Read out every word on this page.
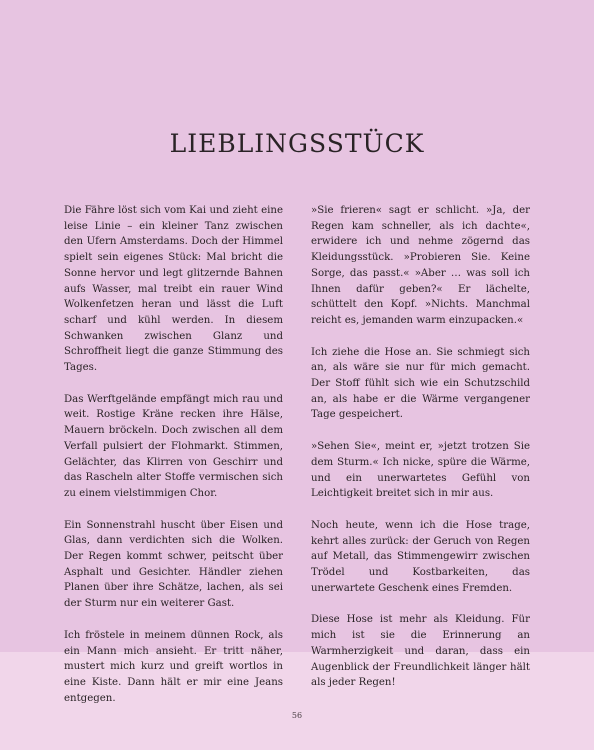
LIEBLINGSSTÜCK

Die Fähre löst sich vom Kai und zieht eine leise Linie – ein kleiner Tanz zwischen den Ufern Amsterdams. Doch der Himmel spielt sein eigenes Stück: Mal bricht die Sonne hervor und legt glitzernde Bahnen aufs Wasser, mal treibt ein rauer Wind Wolkenfetzen heran und lässt die Luft scharf und kühl werden. In diesem Schwanken zwischen Glanz und Schroffheit liegt die ganze Stimmung des Tages.

Das Werftgelände empfängt mich rau und weit. Rostige Kräne recken ihre Hälse, Mauern bröckeln. Doch zwischen all dem Verfall pulsiert der Flohmarkt. Stimmen, Gelächter, das Klirren von Geschirr und das Rascheln alter Stoffe vermischen sich zu einem vielstimmigen Chor.

Ein Sonnenstrahl huscht über Eisen und Glas, dann verdichten sich die Wolken. Der Regen kommt schwer, peitscht über Asphalt und Gesichter. Händler ziehen Planen über ihre Schätze, lachen, als sei der Sturm nur ein weiterer Gast.

Ich fröstele in meinem dünnen Rock, als ein Mann mich ansieht. Er tritt näher, mustert mich kurz und greift wortlos in eine Kiste. Dann hält er mir eine Jeans entgegen.

»Sie frieren« sagt er schlicht. »Ja, der Regen kam schneller, als ich dachte«, erwidere ich und nehme zögernd das Kleidungsstück. »Probieren Sie. Keine Sorge, das passt.« »Aber … was soll ich Ihnen dafür geben?« Er lächelte, schüttelt den Kopf. »Nichts. Manchmal reicht es, jemanden warm einzupacken.«

Ich ziehe die Hose an. Sie schmiegt sich an, als wäre sie nur für mich gemacht. Der Stoff fühlt sich wie ein Schutzschild an, als habe er die Wärme vergangener Tage gespeichert.

»Sehen Sie«, meint er, »jetzt trotzen Sie dem Sturm.« Ich nicke, spüre die Wärme, und ein unerwartetes Gefühl von Leichtigkeit breitet sich in mir aus.

Noch heute, wenn ich die Hose trage, kehrt alles zurück: der Geruch von Regen auf Metall, das Stimmengewirr zwischen Trödel und Kostbarkeiten, das unerwartete Geschenk eines Fremden.

Diese Hose ist mehr als Kleidung. Für mich ist sie die Erinnerung an Warmherzigkeit und daran, dass ein Augenblick der Freundlichkeit länger hält als jeder Regen!

56
